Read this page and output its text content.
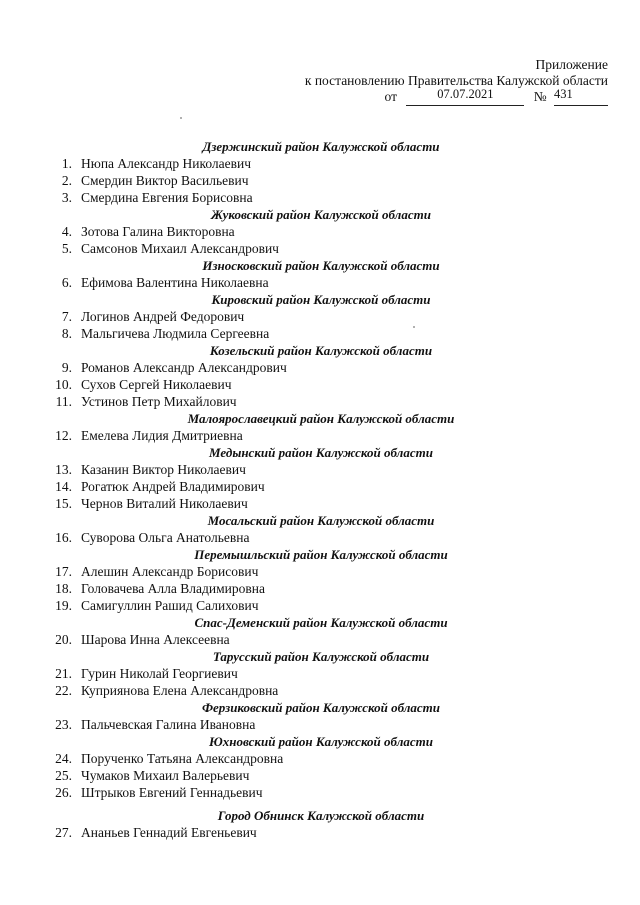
Приложение
к постановлению Правительства Калужской области
от	07.07.2021	№ 431
Дзержинский район Калужской области
1. Нюпа Александр Николаевич
2. Смердин Виктор Васильевич
3. Смердина Евгения Борисовна
Жуковский район Калужской области
4. Зотова Галина Викторовна
5. Самсонов Михаил Александрович
Износковский район Калужской области
6. Ефимова Валентина Николаевна
Кировский район Калужской области
7. Логинов Андрей Федорович
8. Мальгичева Людмила Сергеевна
Козельский район Калужской области
9. Романов Александр Александрович
10. Сухов Сергей Николаевич
11. Устинов Петр Михайлович
Малоярославецкий район Калужской области
12. Емелева Лидия Дмитриевна
Медынский район Калужской области
13. Казанин Виктор Николаевич
14. Рогатюк Андрей Владимирович
15. Чернов Виталий Николаевич
Мосальский район Калужской области
16. Суворова Ольга Анатольевна
Перемышльский район Калужской области
17. Алешин Александр Борисович
18. Головачева Алла Владимировна
19. Самигуллин Рашид Салихович
Спас-Деменский район Калужской области
20. Шарова Инна Алексеевна
Тарусский район Калужской области
21. Гурин Николай Георгиевич
22. Куприянова Елена Александровна
Ферзиковский район Калужской области
23. Пальчевская Галина Ивановна
Юхновский район Калужской области
24. Порученко Татьяна Александровна
25. Чумаков Михаил Валерьевич
26. Штрыков Евгений Геннадьевич
Город Обнинск Калужской области
27. Ананьев Геннадий Евгеньевич
